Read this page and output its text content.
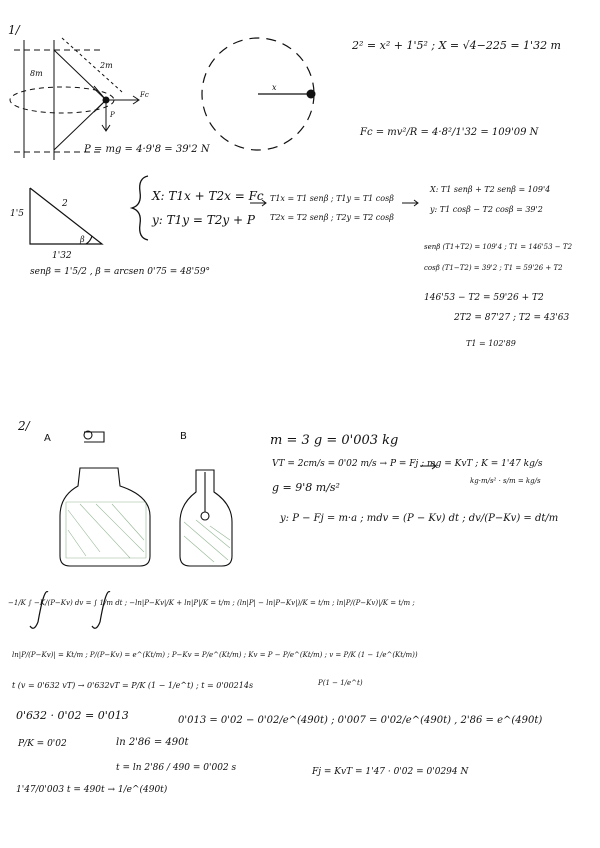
1/
2m
8m
Fc
P
x
2² = x² + 1'5² ; X = √4−225 = 1'32 m
P = mg = 4·9'8 = 39'2 N
Fc = mv²/R = 4·8²/1'32 = 109'09 N
2
1'5
1'32
β
X: T1x + T2x = Fc
y: T1y = T2y + P
T1x = T1 senβ ; T1y = T1 cosβ
T2x = T2 senβ ; T2y = T2 cosβ
X: T1 senβ + T2 senβ = 109'4
y: T1 cosβ − T2 cosβ = 39'2
senβ = 1'5/2 , β = arcsen 0'75 = 48'59°
senβ (T1+T2) = 109'4 ; T1 = 146'53 − T2
cosβ (T1−T2) = 39'2 ; T1 = 59'26 + T2
146'53 − T2 = 59'26 + T2
2T2 = 87'27 ; T2 = 43'63
T1 = 102'89
2/
A	B	m = 3 g = 0'003 kg
VT = 2cm/s = 0'02 m/s → P = Fj ; mg = KvT ; K = 1'47 kg/s
g = 9'8 m/s²	kg·m/s² · s/m = kg/s
y: P − Fj = m·a ; mdv = (P − Kv) dt ; dv/(P−Kv) = dt/m
−1/K ∫ −K/(P−Kv) dv = ∫ 1/m dt ; −ln|P−Kv|/K + ln|P|/K = t/m ; (ln|P| − ln|P−Kv|)/K = t/m ; ln|P/(P−Kv)|/K = t/m ;
ln|P/(P−Kv)| = Kt/m ; P/(P−Kv) = e^(Kt/m) ; P−Kv = P/e^(Kt/m) ; Kv = P − P/e^(Kt/m) ; v = P/K (1 − 1/e^(Kt/m))
t (v = 0'632 vT) → 0'632vT = P/K (1 − 1/e^t) ; t = 0'00214s	P(1 − 1/e^t)
0'632 · 0'02 = 0'013	0'013 = 0'02 − 0'02/e^(490t) ; 0'007 = 0'02/e^(490t) , 2'86 = e^(490t)
P/K = 0'02	ln 2'86 = 490t
t = ln 2'86 / 490 = 0'002 s
1'47/0'003 t = 490t → 1/e^(490t)
Fj = KvT = 1'47 · 0'02 = 0'0294 N
